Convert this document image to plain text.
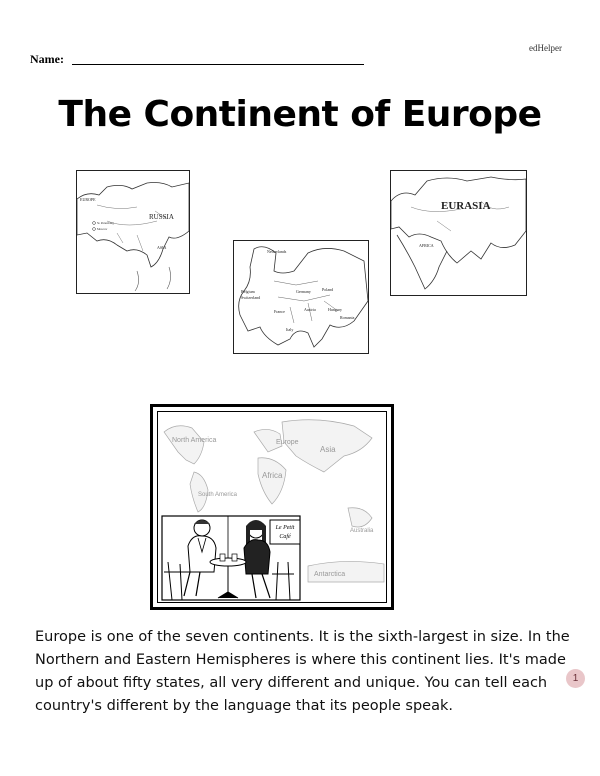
edHelper
Name:
The Continent of Europe
EUROPE
RUSSIA
ASIA
St. Petersburg
Moscow
Netherlands
Germany	Poland
Belgium
Switzerland
France	Austria	Hungary
Romania
Italy
EURASIA
AFRICA
North America	Europe
Asia
Africa
South America
Australia
Antarctica
Le Petit
Café
Europe is one of the seven continents. It is the sixth-largest in size. In the Northern and Eastern Hemispheres is where this continent lies. It's made up of about fifty states, all very different and unique. You can tell each country's different by the language that its people speak.
1
